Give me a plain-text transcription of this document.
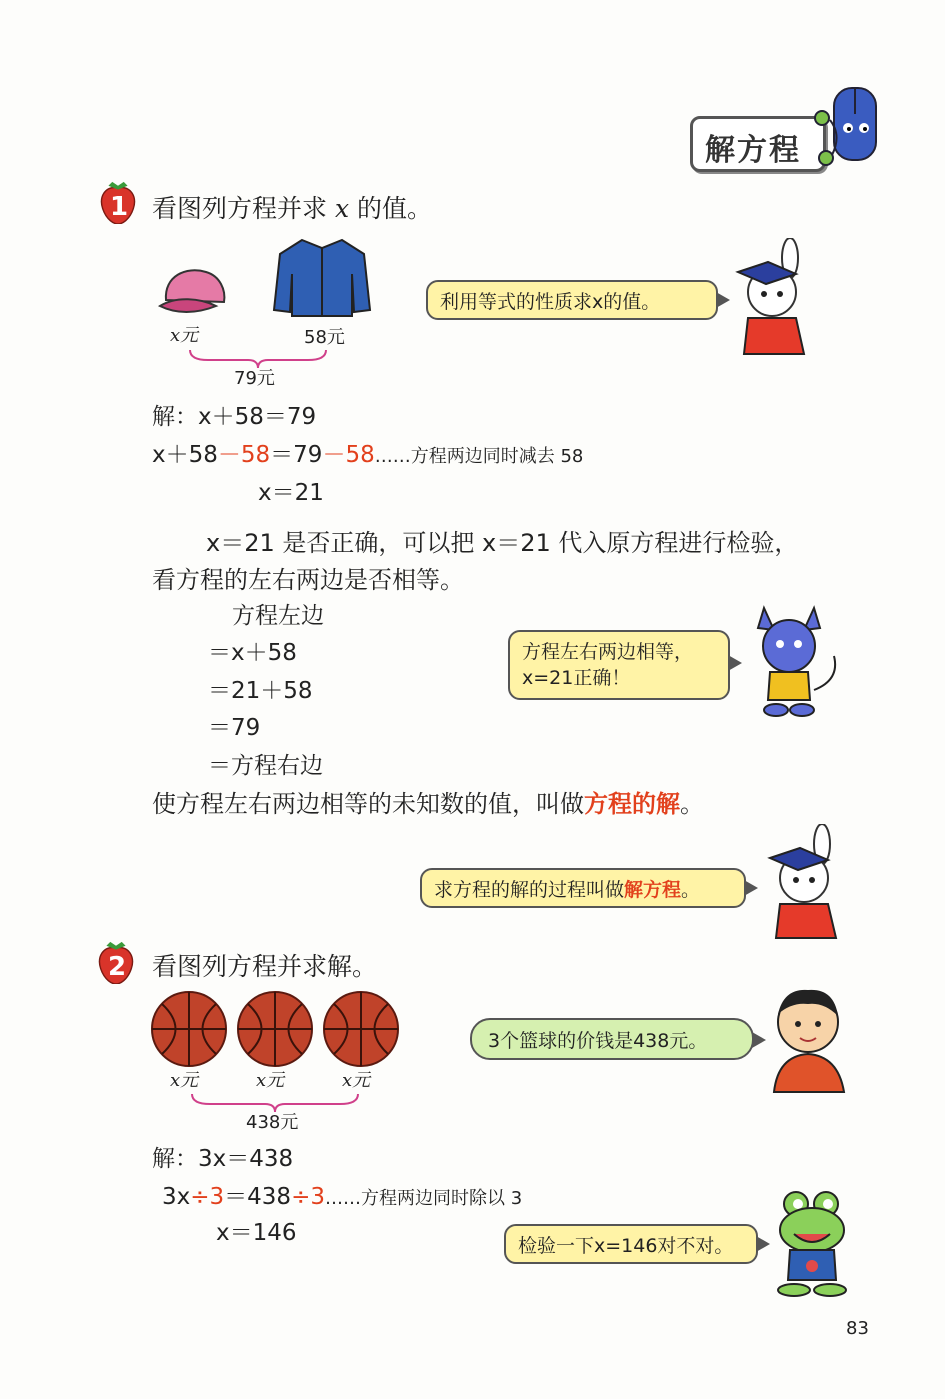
解方程
1 看图列方程并求 x 的值。
x元	58元
79元
利用等式的性质求x的值。
解：x＋58＝79
x＋58－58＝79－58……方程两边同时减去 58
x＝21
x＝21 是否正确，可以把 x＝21 代入原方程进行检验，
看方程的左右两边是否相等。
方程左边
＝x＋58
＝21＋58
＝79
＝方程右边
方程左右两边相等，
x=21正确！
使方程左右两边相等的未知数的值，叫做方程的解。
求方程的解的过程叫做解方程。
2 看图列方程并求解。
x元	x元	x元
438元
3个篮球的价钱是438元。
解：3x＝438
3x÷3＝438÷3……方程两边同时除以 3
x＝146	检验一下x=146对不对。
83
